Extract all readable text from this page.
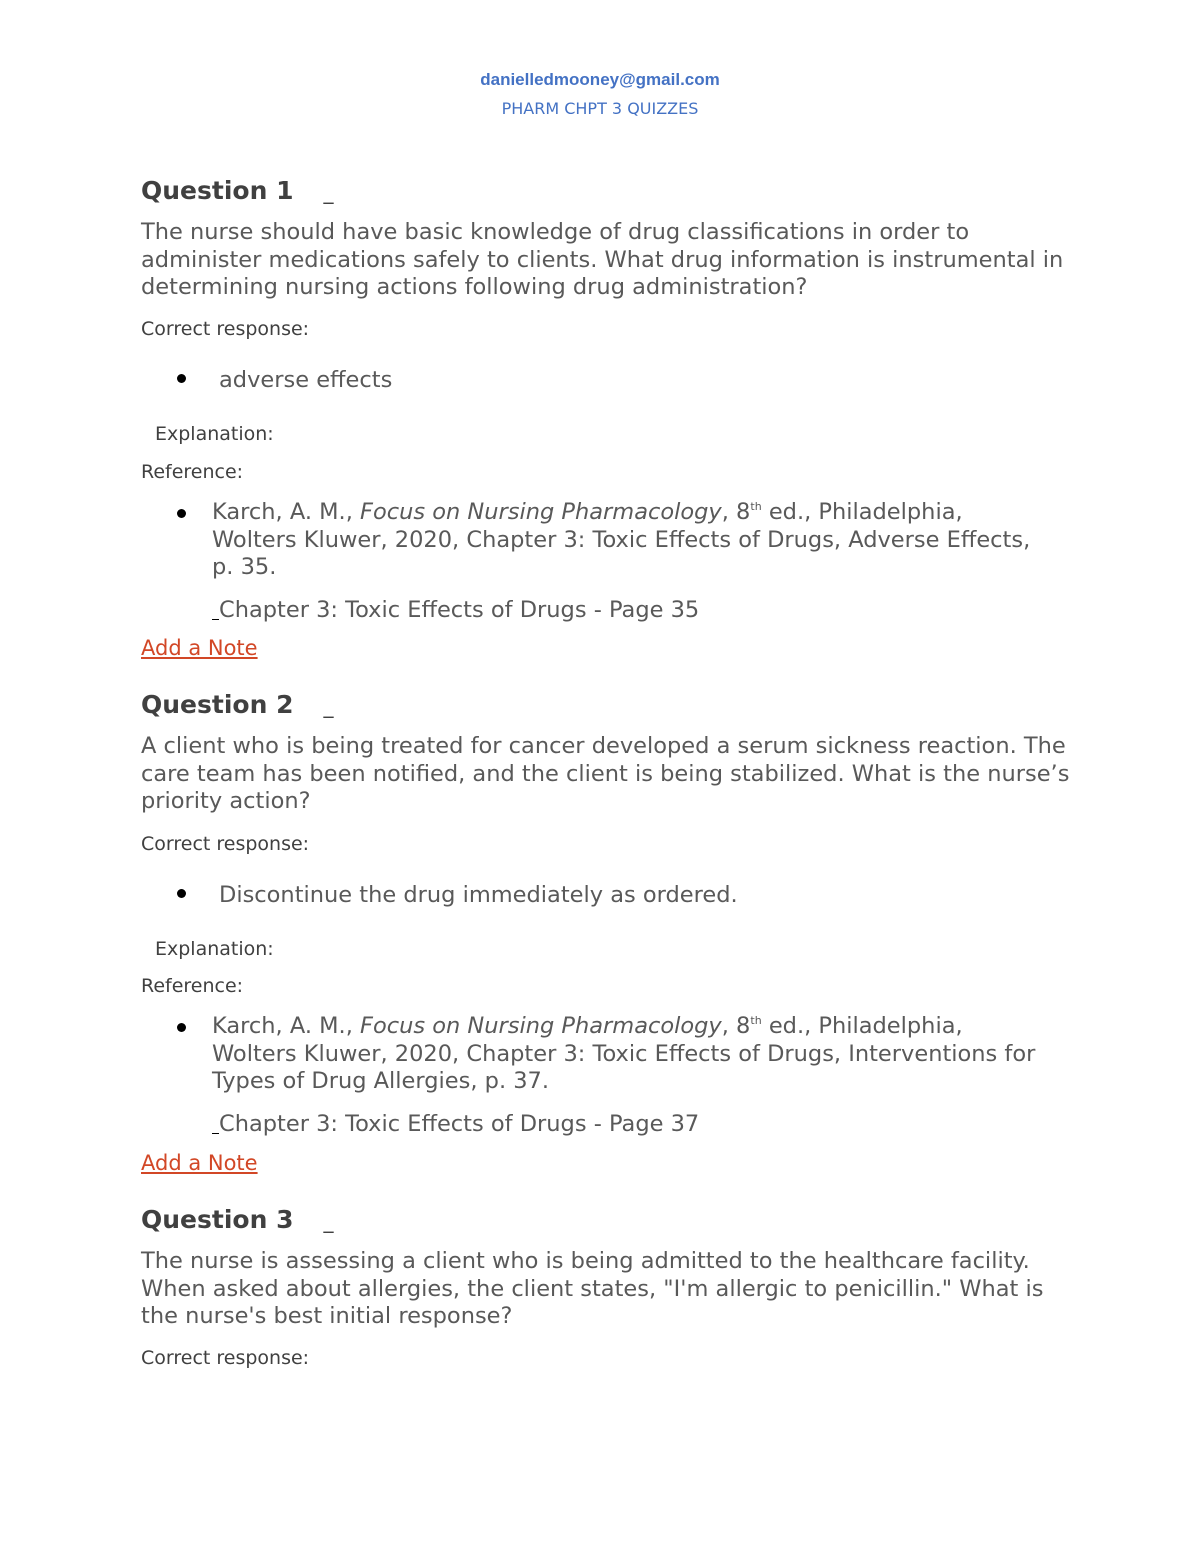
danielledmooney@gmail.com
PHARM CHPT 3 QUIZZES
Question 1 _
The nurse should have basic knowledge of drug classifications in order to administer medications safely to clients. What drug information is instrumental in determining nursing actions following drug administration?
Correct response:
adverse effects
Explanation:
Reference:
Karch, A. M., Focus on Nursing Pharmacology, 8th ed., Philadelphia, Wolters Kluwer, 2020, Chapter 3: Toxic Effects of Drugs, Adverse Effects, p. 35.
Chapter 3: Toxic Effects of Drugs - Page 35
Add a Note
Question 2 _
A client who is being treated for cancer developed a serum sickness reaction. The care team has been notified, and the client is being stabilized. What is the nurse’s priority action?
Correct response:
Discontinue the drug immediately as ordered.
Explanation:
Reference:
Karch, A. M., Focus on Nursing Pharmacology, 8th ed., Philadelphia, Wolters Kluwer, 2020, Chapter 3: Toxic Effects of Drugs, Interventions for Types of Drug Allergies, p. 37.
Chapter 3: Toxic Effects of Drugs - Page 37
Add a Note
Question 3 _
The nurse is assessing a client who is being admitted to the healthcare facility. When asked about allergies, the client states, "I'm allergic to penicillin." What is the nurse's best initial response?
Correct response:
